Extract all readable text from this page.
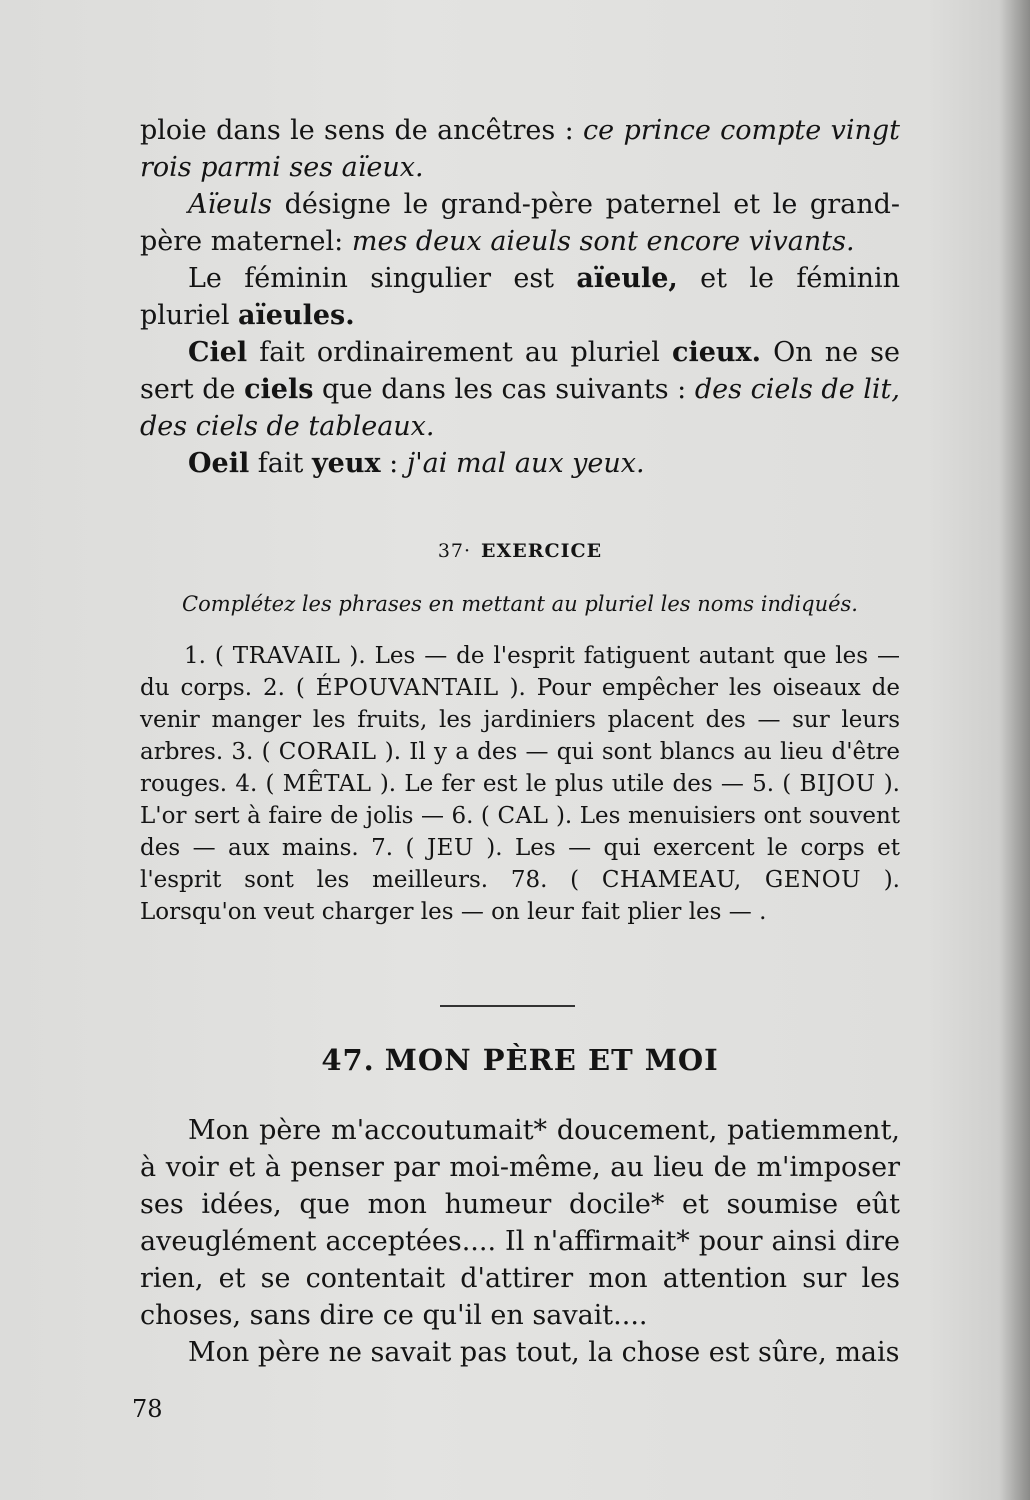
ploie dans le sens de ancêtres : ce prince compte vingt rois parmi ses aïeux.

Aïeuls désigne le grand-père paternel et le grand-père maternel: mes deux aieuls sont encore vivants.

Le féminin singulier est aïeule, et le féminin pluriel aïeules.

Ciel fait ordinairement au pluriel cieux. On ne se sert de ciels que dans les cas suivants : des ciels de lit, des ciels de tableaux.

Oeil fait yeux : j'ai mal aux yeux.

37· EXERCICE
Complétez les phrases en mettant au pluriel les noms indiqués.
1. ( TRAVAIL ). Les — de l'esprit fatiguent autant que les — du corps. 2. ( ÉPOUVANTAIL ). Pour empêcher les oiseaux de venir manger les fruits, les jardiniers placent des — sur leurs arbres. 3. ( CORAIL ). Il y a des — qui sont blancs au lieu d'être rouges. 4. ( MÊTAL ). Le fer est le plus utile des — 5. ( BIJOU ). L'or sert à faire de jolis — 6. ( CAL ). Les menuisiers ont souvent des — aux mains. 7. ( JEU ). Les — qui exercent le corps et l'esprit sont les meilleurs. 78. ( CHAMEAU, GENOU ). Lorsqu'on veut charger les — on leur fait plier les — .
47. MON PÈRE ET MOI

Mon père m'accoutumait* doucement, patiemment, à voir et à penser par moi-même, au lieu de m'imposer ses idées, que mon humeur docile* et soumise eût aveuglément acceptées.... Il n'affirmait* pour ainsi dire rien, et se contentait d'attirer mon attention sur les choses, sans dire ce qu'il en savait....

Mon père ne savait pas tout, la chose est sûre, mais

78
